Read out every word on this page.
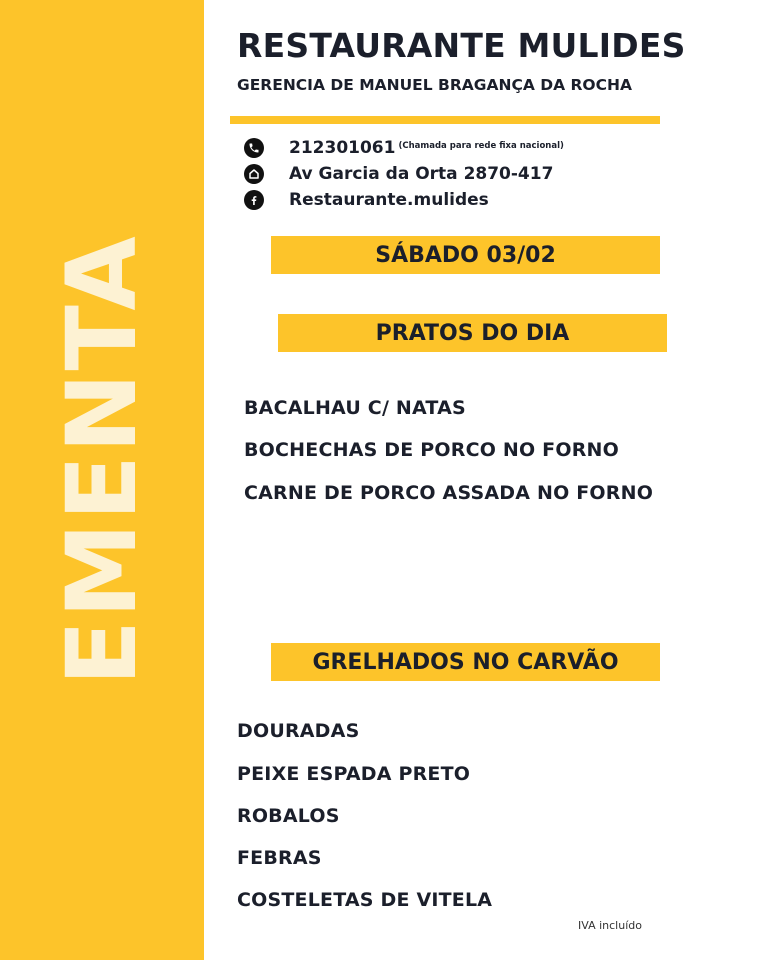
EMENTA
RESTAURANTE MULIDES
GERENCIA DE MANUEL BRAGANÇA DA ROCHA
212301061 (Chamada para rede fixa nacional)
Av Garcia da Orta 2870-417
Restaurante.mulides
SÁBADO 03/02
PRATOS DO DIA
BACALHAU C/ NATAS
BOCHECHAS DE PORCO NO FORNO
CARNE DE PORCO ASSADA NO FORNO
GRELHADOS NO CARVÃO
DOURADAS
PEIXE ESPADA PRETO
ROBALOS
FEBRAS
COSTELETAS DE VITELA
IVA incluído
